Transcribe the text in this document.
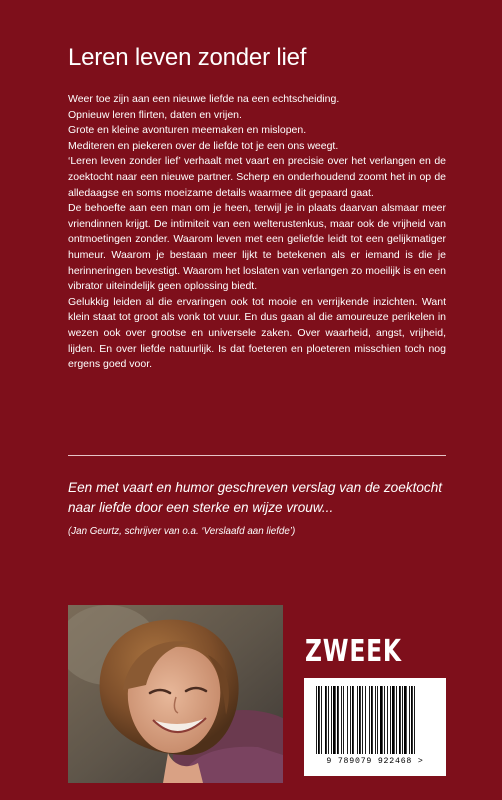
Leren leven zonder lief

Weer toe zijn aan een nieuwe liefde na een echtscheiding.

Opnieuw leren flirten, daten en vrijen.

Grote en kleine avonturen meemaken en mislopen.

Mediteren en piekeren over de liefde tot je een ons weegt.

‘Leren leven zonder lief’ verhaalt met vaart en precisie over het verlangen en de zoektocht naar een nieuwe partner. Scherp en onderhoudend zoomt het in op de alledaagse en soms moeizame details waarmee dit gepaard gaat.

De behoefte aan een man om je heen, terwijl je in plaats daarvan alsmaar meer vriendinnen krijgt. De intimiteit van een welterustenkus, maar ook de vrijheid van ontmoetingen zonder. Waarom leven met een geliefde leidt tot een gelijkmatiger humeur. Waarom je bestaan meer lijkt te betekenen als er iemand is die je herinneringen bevestigt. Waarom het loslaten van verlangen zo moeilijk is en een vibrator uiteindelijk geen oplossing biedt.

Gelukkig leiden al die ervaringen ook tot mooie en verrijkende inzichten. Want klein staat tot groot als vonk tot vuur. En dus gaan al die amoureuze perikelen in wezen ook over grootse en universele zaken. Over waarheid, angst, vrijheid, lijden. En over liefde natuurlijk. Is dat foeteren en ploeteren misschien toch nog ergens goed voor.

Een met vaart en humor geschreven verslag van de zoektocht naar liefde door een sterke en wijze vrouw...

(Jan Geurtz, schrijver van o.a. ‘Verslaafd aan liefde’)

ZWEEK
9 789079 922468 >
